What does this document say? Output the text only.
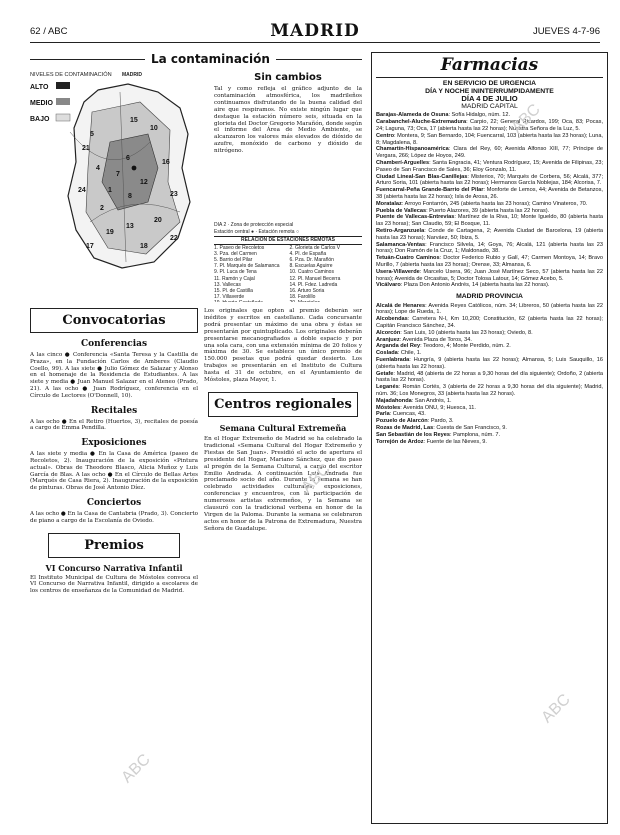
62 / ABC	MADRID	JUEVES 4-7-96
La contaminación
NIVELES DE CONTAMINACIÓN
ALTO
MEDIO
BAJO	15
5
10
6
7
12
4
1
8
2
16
23
20
13
19
17
24
21
22
18
MADRID	Sin cambios
Tal y como refleja el gráfico adjunto de la contaminación atmosférica, los madrileños continuamos disfrutando de la buena calidad del aire que respiramos. No existe ningún lugar que destaque la estación número seis, situada en la glorieta del Doctor Gregorio Marañón, donde según el informe del Área de Medio Ambiente, se alcanzaron los valores más elevados de dióxido de azufre, monóxido de carbono y dióxido de nitrógeno.
DÍA 2 · Zona de protección especial
Estación central ● · Estación remota ○
RELACIÓN DE ESTACIONES REMOTAS
1. Paseo de Recoletos	2. Glorieta de Carlos V
3. Pza. del Carmen	4. Pl. de España
5. Barrio del Pilar	6. Pza. Dr. Marañón
7. Pl. Marqués de Salamanca	8. Escuelas Aguirre
9. Pl. Luca de Tena	10. Cuatro Caminos
11. Ramón y Cajal	12. Pl. Manuel Becerra
13. Vallecas	14. Pl. Fdez. Ladreda
15. Pl. de Castilla	16. Arturo Soria
17. Villaverde	18. Farolillo
Convocatorias
Conferencias
A las cinco ● Conferencia «Santa Teresa y la Castilla de Praza», en la Fundación Carlos de Amberes (Claudio Coello, 99). A las siete ● Julio Gómez de Salazar y Alonso en el homenaje de la Residencia de Estudiantes. A las siete y media ● Juan Manuel Salazar en el Ateneo (Prado, 21). A las ocho ● Juan Rodríguez, conferencia en el Círculo de Lectores (O'Donnell, 10).
Recitales
A las ocho ● En el Retiro (Huertos, 3), recitales de poesía a cargo de Emma Pendilla.
Exposiciones
A las siete y media ● En la Casa de América (paseo de Recoletos, 2). Inauguración de la exposición «Pintura actual». Obras de Theodore Blasco, Alicia Muñoz y Luis García de Blas. A las ocho ● En el Círculo de Bellas Artes (Marqués de Casa Riera, 2). Inauguración de la exposición de pinturas. Obras de José Antonio Díez.
Conciertos
A las ocho ● En la Casa de Cantabria (Prado, 3). Concierto de piano a cargo de la Escolanía de Oviedo.
Premios
VI Concurso Narrativa Infantil
El Instituto Municipal de Cultura de Móstoles convoca el VI Concurso de Narrativa Infantil, dirigido a escolares de los centros de enseñanza de la Comunidad de Madrid.
Los originales que opten al premio deberán ser inéditos y escritos en castellano. Cada concursante podrá presentar un máximo de una obra y éstas se presentarán por quintuplicado. Los originales deberán presentarse mecanografiados a doble espacio y por una sola cara, con una extensión mínima de 20 folios y máxima de 30. Se establece un único premio de 150.000 pesetas que podrá quedar desierto. Los trabajos se presentarán en el Instituto de Cultura hasta el 31 de octubre, en el Ayuntamiento de Móstoles, plaza Mayor, 1.
Centros regionales
Semana Cultural Extremeña
En el Hogar Extremeño de Madrid se ha celebrado la tradicional «Semana Cultural del Hogar Extremeño y Fiestas de San Juan». Presidió el acto de apertura el presidente del Hogar, Mariano Sánchez, que dio paso al pregón de la Semana Cultural, a cargo del escritor Emilio Andrada. A continuación Luis Andrada fue proclamado socio del año. Durante la semana se han celebrado actividades culturales, exposiciones, conferencias y encuentros, con la participación de numerosos artistas extremeños, y la Semana se clausuró con la tradicional verbena en honor de la Virgen de la Paloma. Durante la semana se celebraron actos en honor de la Patrona de Extremadura, Nuestra Señora de Guadalupe.
Farmacias
EN SERVICIO DE URGENCIA
DÍA Y NOCHE ININTERRUMPIDAMENTE
DÍA 4 DE JULIO
MADRID CAPITAL
Barajas-Alameda de Osuna: Sofía Hidalgo, núm. 12.
Carabanchel-Aluche-Extremadura: Carpio, 22; General Ricardos, 199; Oca, 83; Pocas, 24; Laguna, 73; Oca, 17 (abierta hasta las 22 horas); Nuestra Señora de la Luz, 5.
Centro: Montera, 9; San Bernardo, 104; Fuencarral, 103 (abierta hasta las 23 horas); Luna, 8; Magdalena, 8.
Chamartín-Hispanoamérica: Clara del Rey, 60; Avenida Alfonso XIII, 77; Príncipe de Vergara, 266; López de Hoyos, 249.
Chamberí-Arguelles: Santa Engracia, 41; Ventura Rodríguez, 15; Avenida de Filipinas, 23; Paseo de San Francisco de Sales, 36; Eloy Gonzalo, 11.
Ciudad Lineal-San Blas-Canillejas: Misterios, 70; Marqués de Corbera, 56; Alcalá, 377; Arturo Soria, 101 (abierta hasta las 22 horas); Hermanos García Noblejas, 184; Alcorisa, 7.
Fuencarral-Peña Grande-Barrio del Pilar: Monforte de Lemos, 44; Avenida de Betanzos, 38 (abierta hasta las 22 horas); Isla de Arosa, 26.
Moratalaz: Arroyo Fontarrón, 245 (abierta hasta las 23 horas); Camino Vinateros, 70.
Puebla de Vallecas: Puerto Alazores, 39 (abierta hasta las 22 horas).
Puente de Vallecas-Entrevías: Martínez de la Riva, 10; Monte Igueldo, 80 (abierta hasta las 23 horas); San Claudio, 59; El Bosque, 11.
Retiro-Arganzuela: Conde de Cartagena, 2; Avenida Ciudad de Barcelona, 19 (abierta hasta las 23 horas); Narváez, 50; Ibiza, 5.
Salamanca-Ventas: Francisco Silvela, 14; Goya, 76; Alcalá, 121 (abierta hasta las 23 horas); Don Ramón de la Cruz, 1; Maldonado, 38.
Tetuán-Cuatro Caminos: Doctor Federico Rubio y Galí, 47; Carmen Montoya, 14; Bravo Murillo, 7 (abierta hasta las 23 horas); Orense, 33; Almansa, 6.
Usera-Villaverde: Marcelo Usera, 96; Juan José Martínez Seco, 57 (abierta hasta las 22 horas); Avenida de Orcasitas, 5; Doctor Tolosa Latour, 14; Gómez Acebo, 5.
Vicálvaro: Plaza Don Antonio Andrés, 14 (abierta hasta las 22 horas).
MADRID PROVINCIA
Alcalá de Henares: Avenida Reyes Católicos, núm. 34; Libreros, 50 (abierta hasta las 22 horas); Lope de Rueda, 1.
Alcobendas: Carretera N-I, Km 10,200; Constitución, 62 (abierta hasta las 22 horas); Capitán Francisco Sánchez, 34.
Alcorcón: San Luis, 10 (abierta hasta las 23 horas); Oviedo, 8.
Aranjuez: Avenida Plaza de Toros, 34.
Arganda del Rey: Teodoro, 4; Monte Perdido, núm. 2.
Coslada: Chile, 1.
Fuenlabrada: Hungría, 9 (abierta hasta las 22 horas); Almansa, 5; Luis Sauquillo, 16 (abierta hasta las 22 horas).
Getafe: Madrid, 48 (abierta de 22 horas a 9,30 horas del día siguiente); Ordoño, 2 (abierta hasta las 22 horas).
Leganés: Román Cortés, 3 (abierta de 22 horas a 9,30 horas del día siguiente); Madrid, núm. 36; Los Monegros, 33 (abierta hasta las 22 horas).
Majadahonda: San Andrés, 1.
Móstoles: Avenida ONU, 9; Huesca, 11.
Parla: Cuencas, 43.
Pozuelo de Alarcón: Pardo, 3.
Rozas de Madrid, Las: Cuesta de San Francisco, 9.
San Sebastián de los Reyes: Pamplona, núm. 7.
Torrejón de Ardoz: Fuente de las Nieves, 9.
ABC
ABC
ABC
ABC
